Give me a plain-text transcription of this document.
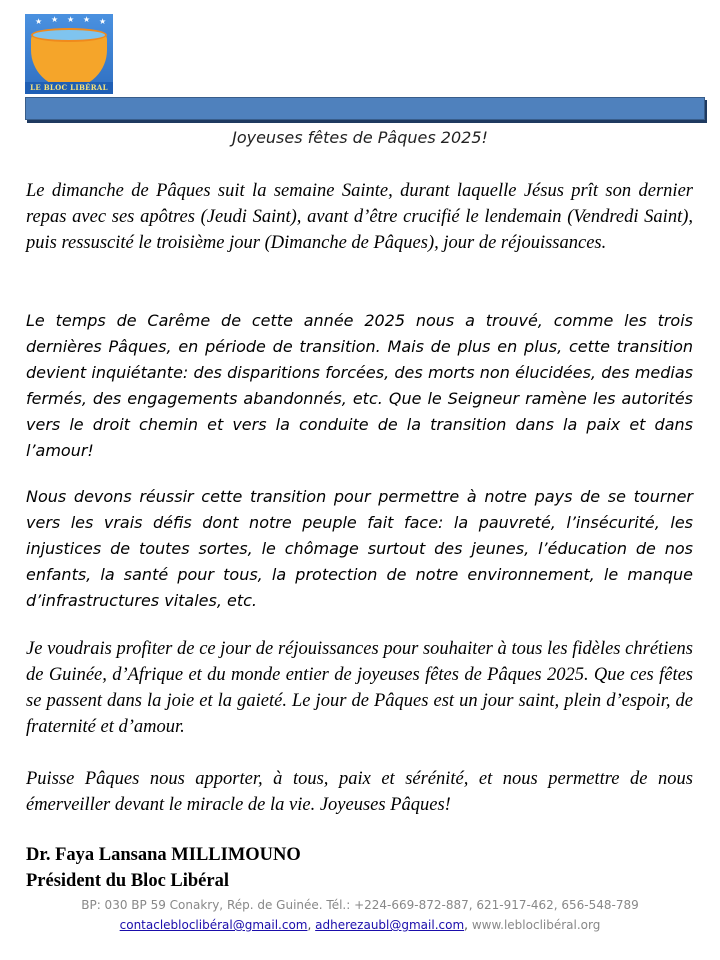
★ ★ ★ ★ ★
LE BLOC LIBÉRAL
Joyeuses fêtes de Pâques 2025!

Le dimanche de Pâques suit la semaine Sainte, durant laquelle Jésus prît son dernier repas avec ses apôtres (Jeudi Saint), avant d’être crucifié le lendemain (Vendredi Saint), puis ressuscité le troisième jour (Dimanche de Pâques), jour de réjouissances.

Le temps de Carême de cette année 2025 nous a trouvé, comme les trois dernières Pâques, en période de transition. Mais de plus en plus, cette transition devient inquiétante: des disparitions forcées, des morts non élucidées, des medias fermés, des engagements abandonnés, etc. Que le Seigneur ramène les autorités vers le droit chemin et vers la conduite de la transition dans la paix et dans l’amour!

Nous devons réussir cette transition pour permettre à notre pays de se tourner vers les vrais défis dont notre peuple fait face: la pauvreté, l’insécurité, les injustices de toutes sortes, le chômage surtout des jeunes, l’éducation de nos enfants, la santé pour tous, la protection de notre environnement, le manque d’infrastructures vitales, etc.

Je voudrais profiter de ce jour de réjouissances pour souhaiter à tous les fidèles chrétiens de Guinée, d’Afrique et du monde entier de joyeuses fêtes de Pâques 2025. Que ces fêtes se passent dans la joie et la gaieté. Le jour de Pâques est un jour saint, plein d’espoir, de fraternité et d’amour.

Puisse Pâques nous apporter, à tous, paix et sérénité, et nous permettre de nous émerveiller devant le miracle de la vie. Joyeuses Pâques!

Dr. Faya Lansana MILLIMOUNO
Président du Bloc Libéral
BP: 030 BP 59 Conakry, Rép. de Guinée. Tél.: +224-669-872-887, 621-917-462, 656-548-789
contaclebloclibéral@gmail.com, adherezaubl@gmail.com, www.lebloclibéral.org
